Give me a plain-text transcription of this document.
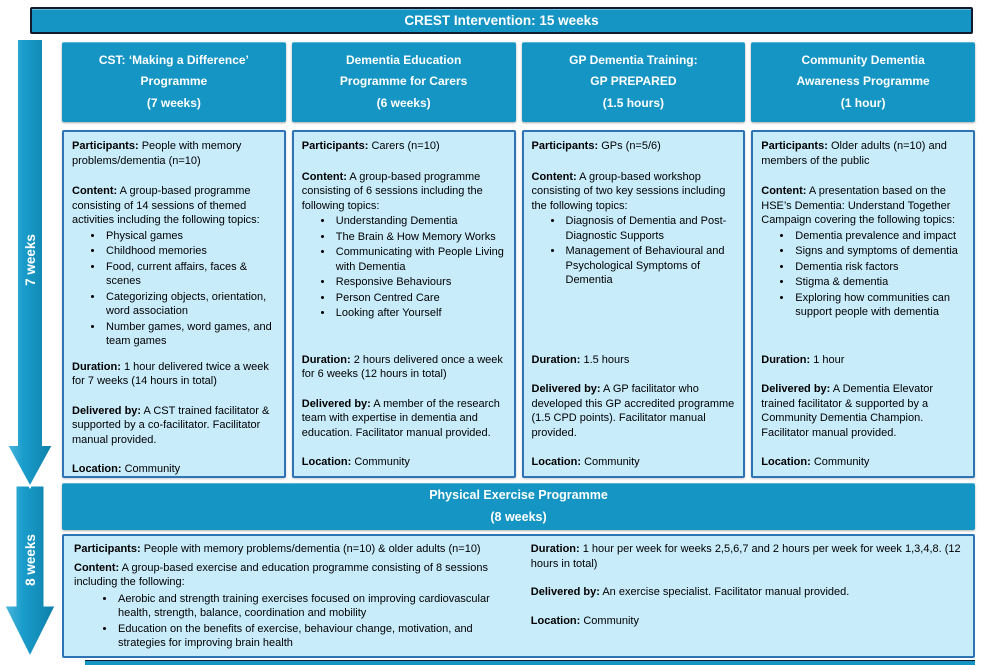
CREST Intervention: 15 weeks
7 weeks
8 weeks
CST: ‘Making a Difference’
Programme
(7 weeks)
Dementia Education
Programme for Carers
(6 weeks)
GP Dementia Training:
GP PREPARED
(1.5 hours)
Community Dementia
Awareness Programme
(1 hour)

Participants: People with memory problems/dementia (n=10)

Content: A group-based programme consisting of 14 sessions of themed activities including the following topics:

• Physical games
• Childhood memories
• Food, current affairs, faces & scenes
• Categorizing objects, orientation, word association
• Number games, word games, and team games

Duration: 1 hour delivered twice a week for 7 weeks (14 hours in total)

Delivered by: A CST trained facilitator & supported by a co-facilitator. Facilitator manual provided.

Location: Community

Participants: Carers (n=10)

Content: A group-based programme consisting of 6 sessions including the following topics:

• Understanding Dementia
• The Brain & How Memory Works
• Communicating with People Living with Dementia
• Responsive Behaviours
• Person Centred Care
• Looking after Yourself

Duration: 2 hours delivered once a week for 6 weeks (12 hours in total)

Delivered by: A member of the research team with expertise in dementia and education. Facilitator manual provided.

Location: Community

Participants: GPs (n=5/6)

Content: A group-based workshop consisting of two key sessions including the following topics:

• Diagnosis of Dementia and Post-Diagnostic Supports
• Management of Behavioural and Psychological Symptoms of Dementia

Duration: 1.5 hours

Delivered by: A GP facilitator who developed this GP accredited programme (1.5 CPD points). Facilitator manual provided.

Location: Community

Participants: Older adults (n=10) and members of the public

Content: A presentation based on the HSE’s Dementia: Understand Together Campaign covering the following topics:

• Dementia prevalence and impact
• Signs and symptoms of dementia
• Dementia risk factors
• Stigma & dementia
• Exploring how communities can support people with dementia

Duration: 1 hour

Delivered by: A Dementia Elevator trained facilitator & supported by a Community Dementia Champion. Facilitator manual provided.

Location: Community

Physical Exercise Programme
(8 weeks)

Participants: People with memory problems/dementia (n=10) & older adults (n=10)

Content: A group-based exercise and education programme consisting of 8 sessions including the following:

• Aerobic and strength training exercises focused on improving cardiovascular health, strength, balance, coordination and mobility
• Education on the benefits of exercise, behaviour change, motivation, and strategies for improving brain health

Duration: 1 hour per week for weeks 2,5,6,7 and 2 hours per week for week 1,3,4,8. (12 hours in total)

Delivered by: An exercise specialist. Facilitator manual provided.

Location: Community
